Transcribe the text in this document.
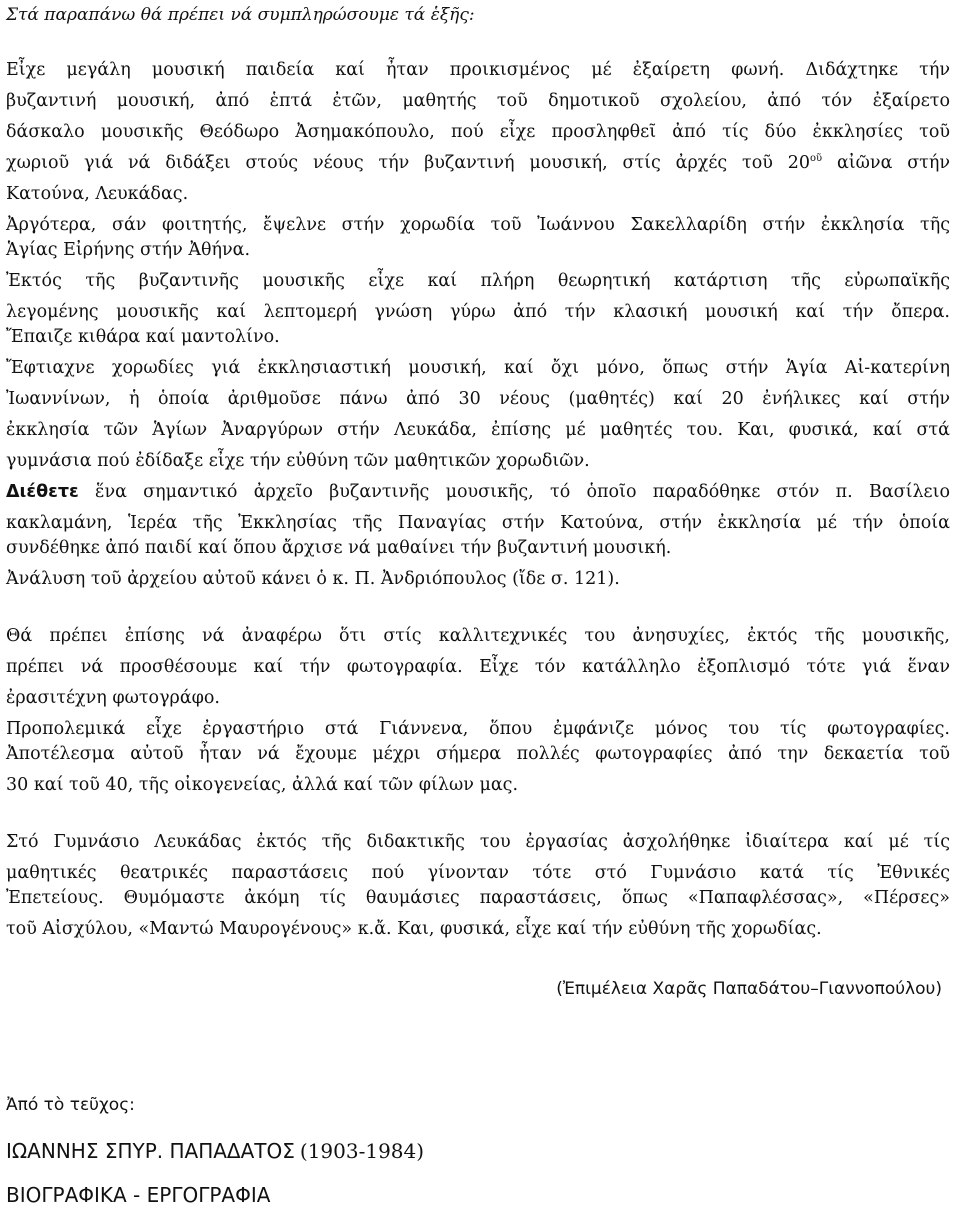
Στά παραπάνω θά πρέπει νά συμπληρώσουμε τά ἑξῆς:
Εἶχε μεγάλη μουσική παιδεία καί ἦταν προικισμένος μέ ἐξαίρετη φωνή. Διδάχτηκε τήν
βυζαντινή μουσική, ἀπό ἑπτά ἐτῶν, μαθητής τοῦ δημοτικοῦ σχολείου, ἀπό τόν ἐξαίρετο
δάσκαλο μουσικῆς Θεόδωρο Ἀσημακόπουλο, πού εἶχε προσληφθεῖ ἀπό τίς δύο ἐκκλησίες τοῦ
χωριοῦ γιά νά διδάξει στούς νέους τήν βυζαντινή μουσική, στίς ἀρχές τοῦ $20^{oῦ}$ αἰῶνα στήν
Κατούνα, Λευκάδας.
Ἀργότερα, σάν φοιτητής, ἔψελνε στήν χορωδία τοῦ Ἰωάννου Σακελλαρίδη στήν ἐκκλησία τῆς
Ἁγίας Εἰρήνης στήν Ἀθήνα.
Ἐκτός τῆς βυζαντινῆς μουσικῆς εἶχε καί πλήρη θεωρητική κατάρτιση τῆς εὐρωπαϊκῆς
λεγομένης μουσικῆς καί λεπτομερή γνώση γύρω ἀπό τήν κλασική μουσική καί τήν ὄπερα.
Ἔπαιζε κιθάρα καί μαντολίνο.
Ἔφτιαχνε χορωδίες γιά ἐκκλησιαστική μουσική, καί ὄχι μόνο, ὅπως στήν Ἁγία Αἰ-κατερίνη
Ἰωαννίνων, ἡ ὁποία ἀριθμοῦσε πάνω ἀπό 30 νέους (μαθητές) καί 20 ἐνήλικες καί στήν
ἐκκλησία τῶν Ἁγίων Ἀναργύρων στήν Λευκάδα, ἐπίσης μέ μαθητές του. Και, φυσικά, καί στά
γυμνάσια πού ἐδίδαξε εἶχε τήν εὐθύνη τῶν μαθητικῶν χορωδιῶν.
Διέθετε ἕνα σημαντικό ἀρχεῖο βυζαντινῆς μουσικῆς, τό ὁποῖο παραδόθηκε στόν π. Βασίλειο
κακλαμάνη, Ἱερέα τῆς Ἐκκλησίας τῆς Παναγίας στήν Κατούνα, στήν ἐκκλησία μέ τήν ὁποία
συνδέθηκε ἀπό παιδί καί ὅπου ἄρχισε νά μαθαίνει τήν βυζαντινή μουσική.
Ἀνάλυση τοῦ ἀρχείου αὐτοῦ κάνει ὁ κ. Π. Ἀνδριόπουλος (ἴδε σ. 121).
Θά πρέπει ἐπίσης νά ἀναφέρω ὅτι στίς καλλιτεχνικές του ἀνησυχίες, ἐκτός τῆς μουσικῆς,
πρέπει νά προσθέσουμε καί τήν φωτογραφία. Εἶχε τόν κατάλληλο ἐξοπλισμό τότε γιά ἕναν
ἐρασιτέχνη φωτογράφο.
Προπολεμικά εἶχε ἐργαστήριο στά Γιάννενα, ὅπου ἐμφάνιζε μόνος του τίς φωτογραφίες.
Ἀποτέλεσμα αὐτοῦ ἦταν νά ἔχουμε μέχρι σήμερα πολλές φωτογραφίες ἀπό την δεκαετία τοῦ
30 καί τοῦ 40, τῆς οἰκογενείας, ἀλλά καί τῶν φίλων μας.
Στό Γυμνάσιο Λευκάδας ἐκτός τῆς διδακτικῆς του ἐργασίας ἀσχολήθηκε ἰδιαίτερα καί μέ τίς
μαθητικές θεατρικές παραστάσεις πού γίνονταν τότε στό Γυμνάσιο κατά τίς Ἐθνικές
Ἐπετείους. Θυμόμαστε ἀκόμη τίς θαυμάσιες παραστάσεις, ὅπως «Παπαφλέσσας», «Πέρσες»
τοῦ Αἰσχύλου, «Μαντώ Μαυρογένους» κ.ἄ. Και, φυσικά, εἶχε καί τήν εὐθύνη τῆς χορωδίας.
(Ἐπιμέλεια Χαρᾶς Παπαδάτου–Γιαννοπούλου)
Ἀπό τὸ τεῦχος:
ΙΩΑΝΝΗΣ ΣΠΥΡ. ΠΑΠΑΔΑΤΟΣ (1903-1984)
ΒΙΟΓΡΑΦΙΚΑ - ΕΡΓΟΓΡΑΦΙΑ
